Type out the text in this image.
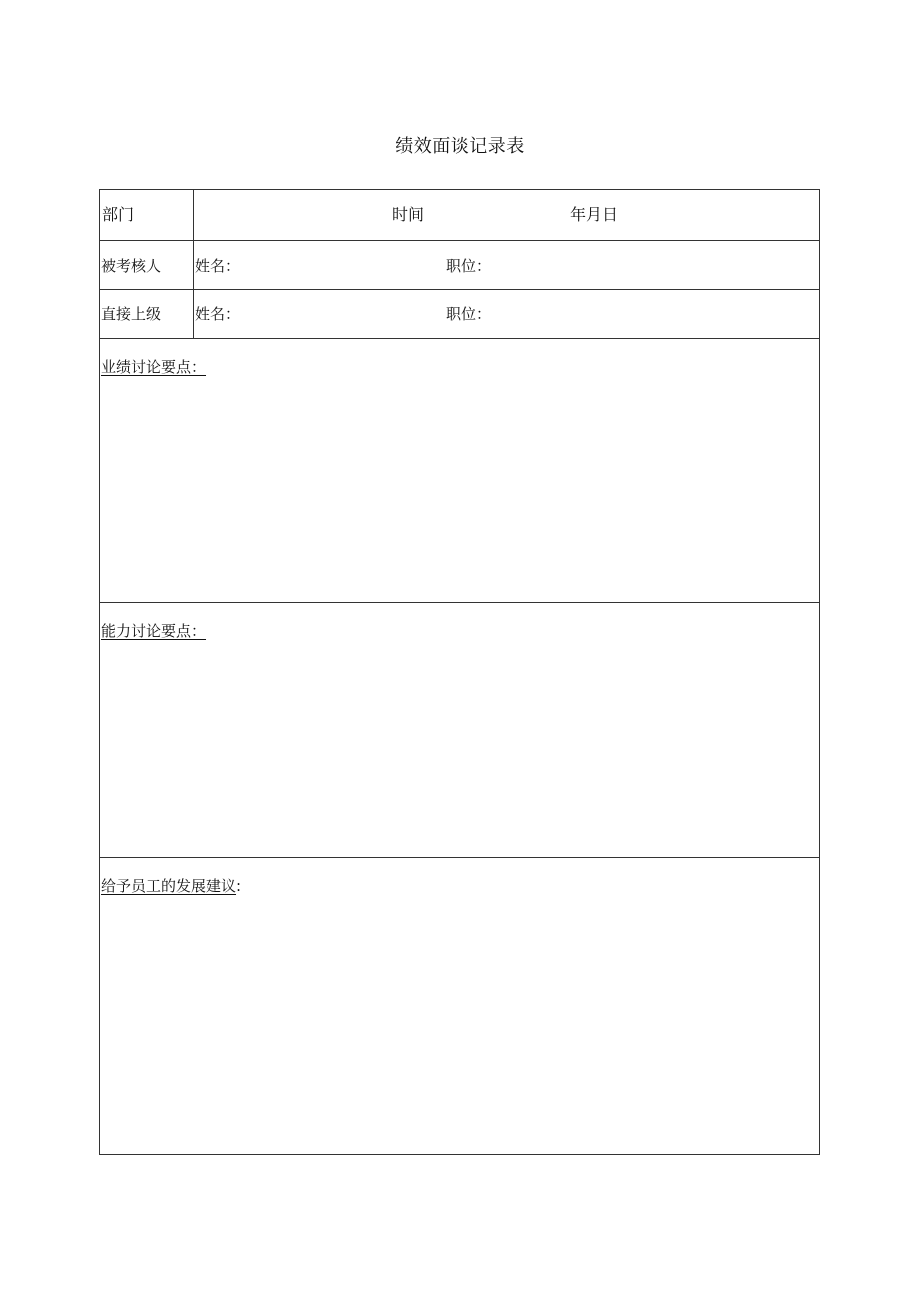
绩效面谈记录表
部门	时间	年月日
被考核人 姓名：	职位：
直接上级 姓名：	职位：
业绩讨论要点：
能力讨论要点：
给予员工的发展建议:
